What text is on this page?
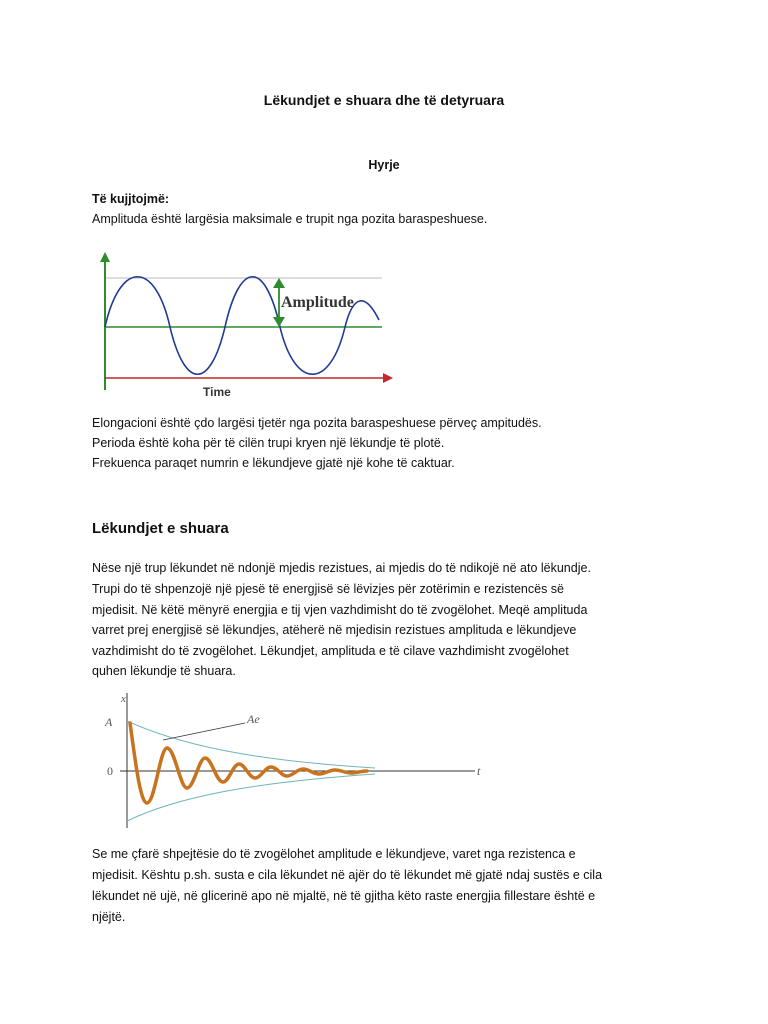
Lëkundjet e shuara dhe të detyruara
Hyrje

Të kujjtojmë:

Amplituda është largësia maksimale e trupit nga pozita baraspeshuese.

Amplitude
Time

Elongacioni është çdo largësi tjetër nga pozita baraspeshuese përveç ampitudës.

Perioda është koha për të cilën trupi kryen një lëkundje të plotë.

Frekuenca paraqet numrin e lëkundjeve gjatë një kohe të caktuar.

Lëkundjet e shuara

Nëse një trup lëkundet në ndonjë mjedis rezistues, ai mjedis do të ndikojë në ato lëkundje.

Trupi do të shpenzojë një pjesë të energjisë së lëvizjes për zotërimin e rezistencës së

mjedisit. Në këtë mënyrë energjia e tij vjen vazhdimisht do të zvogëlohet. Meqë amplituda

varret prej energjisë së lëkundjes, atëherë në mjedisin rezistues amplituda e lëkundjeve

vazhdimisht do të zvogëlohet. Lëkundjet, amplituda e të cilave vazhdimisht zvogëlohet

quhen lëkundje të shuara.

x
A
0	t
Ae

Se me çfarë shpejtësie do të zvogëlohet amplitude e lëkundjeve, varet nga rezistenca e

mjedisit. Kështu p.sh. susta e cila lëkundet në ajër do të lëkundet më gjatë ndaj sustës e cila

lëkundet në ujë, në glicerinë apo në mjaltë, në të gjitha këto raste energjia fillestare është e

njëjtë.
